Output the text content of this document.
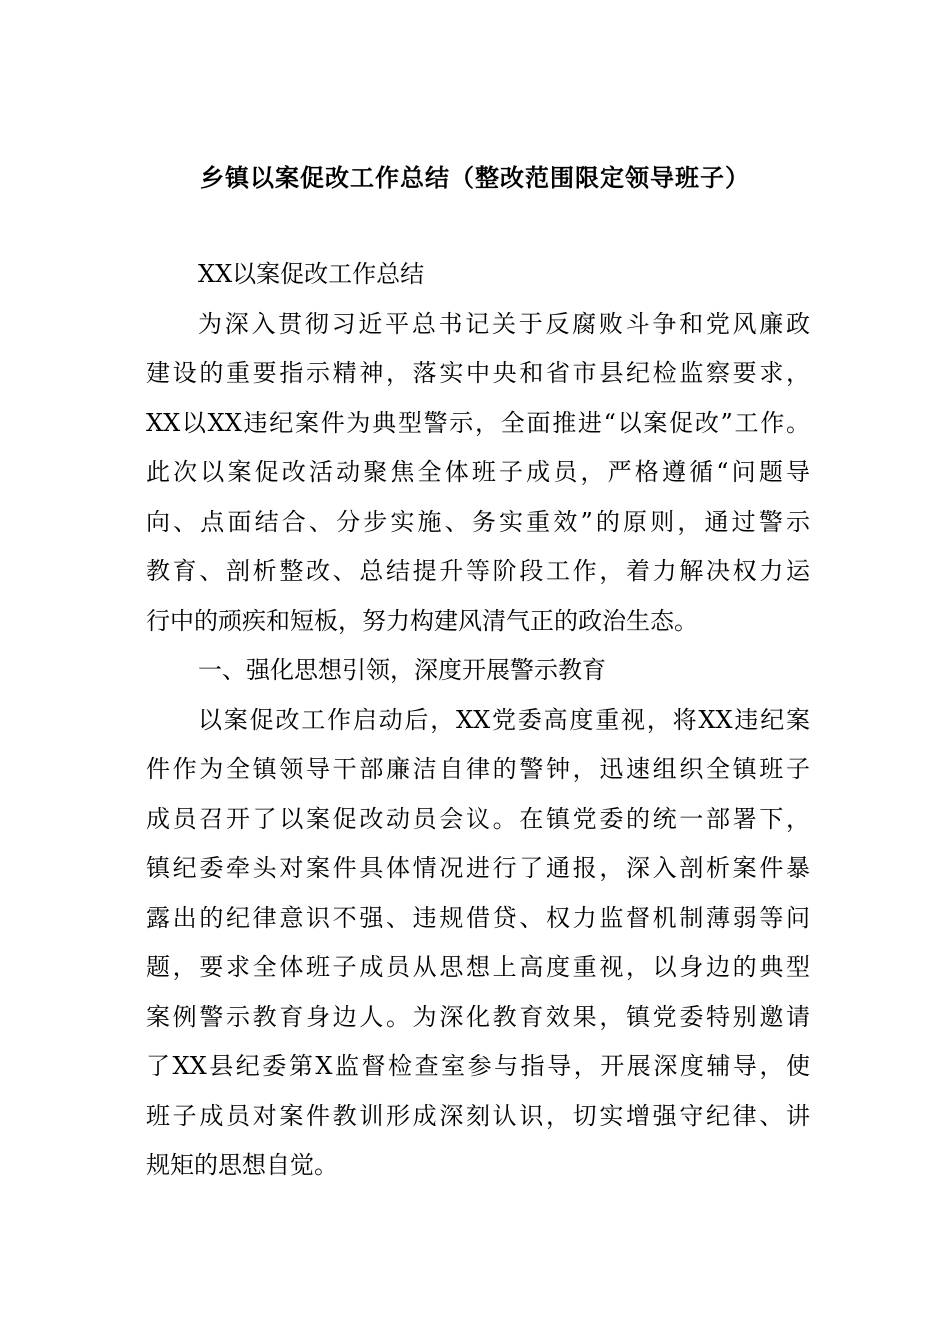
乡镇以案促改工作总结（整改范围限定领导班子）
XX以案促改工作总结
为深入贯彻习近平总书记关于反腐败斗争和党风廉政
建设的重要指示精神，落实中央和省市县纪检监察要求，
XX以XX违纪案件为典型警示，全面推进“以案促改”工作。
此次以案促改活动聚焦全体班子成员，严格遵循“问题导
向、点面结合、分步实施、务实重效”的原则，通过警示
教育、剖析整改、总结提升等阶段工作，着力解决权力运
行中的顽疾和短板，努力构建风清气正的政治生态。
一、强化思想引领，深度开展警示教育
以案促改工作启动后，XX党委高度重视，将XX违纪案
件作为全镇领导干部廉洁自律的警钟，迅速组织全镇班子
成员召开了以案促改动员会议。在镇党委的统一部署下，
镇纪委牵头对案件具体情况进行了通报，深入剖析案件暴
露出的纪律意识不强、违规借贷、权力监督机制薄弱等问
题，要求全体班子成员从思想上高度重视，以身边的典型
案例警示教育身边人。为深化教育效果，镇党委特别邀请
了XX县纪委第X监督检查室参与指导，开展深度辅导，使
班子成员对案件教训形成深刻认识，切实增强守纪律、讲
规矩的思想自觉。
